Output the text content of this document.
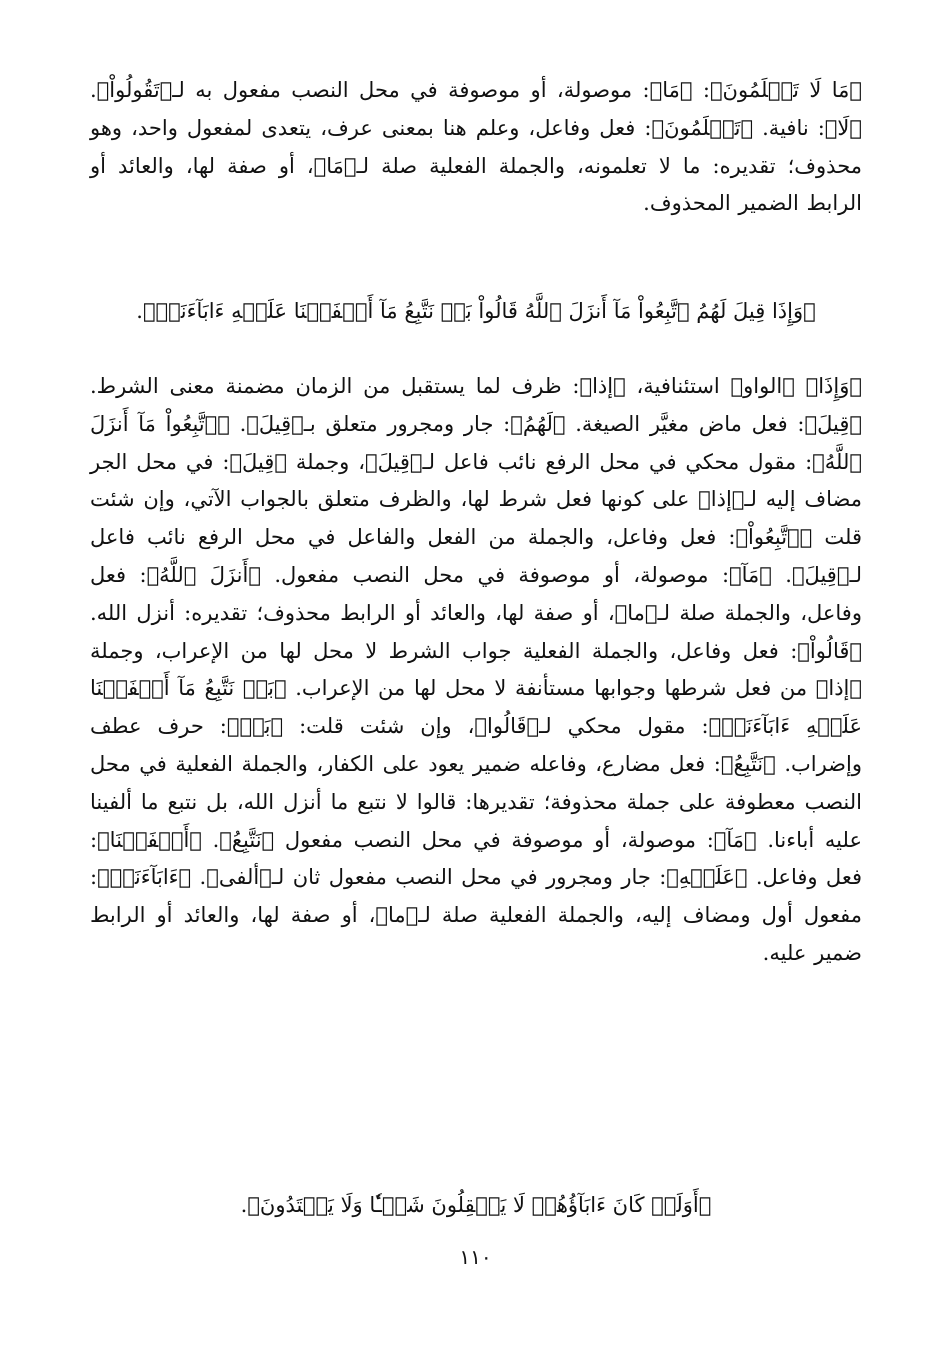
﴿مَا لَا تَعۡلَمُونَ﴾: ﴿مَا﴾: موصولة، أو موصوفة في محل النصب مفعول به لـ﴿تَقُولُواْ﴾. ﴿لَا﴾: نافية. ﴿تَعۡلَمُونَ﴾: فعل وفاعل، وعلم هنا بمعنى عرف، يتعدى لمفعول واحد، وهو محذوف؛ تقديره: ما لا تعلمونه، والجملة الفعلية صلة لـ﴿مَا﴾، أو صفة لها، والعائد أو الرابط الضمير المحذوف.

﴿وَإِذَا قِيلَ لَهُمُ ٱتَّبِعُواْ مَآ أَنزَلَ ٱللَّهُ قَالُواْ بَلۡ نَتَّبِعُ مَآ أَلۡفَيۡنَا عَلَيۡهِ ءَابَآءَنَآۚ﴾.

﴿وَإِذَا﴾ ﴿الواو﴾ استئنافية، ﴿إذا﴾: ظرف لما يستقبل من الزمان مضمنة معنى الشرط. ﴿قِيلَ﴾: فعل ماض مغيَّر الصيغة. ﴿لَهُمُ﴾: جار ومجرور متعلق بـ﴿قِيلَ﴾. ﴿ٱتَّبِعُواْ مَآ أَنزَلَ ٱللَّهُ﴾: مقول محكي في محل الرفع نائب فاعل لـ﴿قِيلَ﴾، وجملة ﴿قِيلَ﴾: في محل الجر مضاف إليه لـ﴿إذا﴾ على كونها فعل شرط لها، والظرف متعلق بالجواب الآتي، وإن شئت قلت ﴿ٱتَّبِعُواْ﴾: فعل وفاعل، والجملة من الفعل والفاعل في محل الرفع نائب فاعل لـ﴿قِيلَ﴾. ﴿مَآ﴾: موصولة، أو موصوفة في محل النصب مفعول. ﴿أَنزَلَ ٱللَّهُ﴾: فعل وفاعل، والجملة صلة لـ﴿ما﴾، أو صفة لها، والعائد أو الرابط محذوف؛ تقديره: أنزل الله. ﴿قَالُواْ﴾: فعل وفاعل، والجملة الفعلية جواب الشرط لا محل لها من الإعراب، وجملة ﴿إذا﴾ من فعل شرطها وجوابها مستأنفة لا محل لها من الإعراب. ﴿بَلۡ نَتَّبِعُ مَآ أَلۡفَيۡنَا عَلَيۡهِ ءَابَآءَنَآۚ﴾: مقول محكي لـ﴿قَالُوا﴾، وإن شئت قلت: ﴿بَلۡ﴾: حرف عطف وإضراب. ﴿نَتَّبِعُ﴾: فعل مضارع، وفاعله ضمير يعود على الكفار، والجملة الفعلية في محل النصب معطوفة على جملة محذوفة؛ تقديرها: قالوا لا نتبع ما أنزل الله، بل نتبع ما ألفينا عليه أباءنا. ﴿مَآ﴾: موصولة، أو موصوفة في محل النصب مفعول ﴿نَتَّبِعُ﴾. ﴿أَلۡفَيۡنَا﴾: فعل وفاعل. ﴿عَلَيۡهِ﴾: جار ومجرور في محل النصب مفعول ثان لـ﴿ألفى﴾. ﴿ءَابَآءَنَآۚ﴾: مفعول أول ومضاف إليه، والجملة الفعلية صلة لـ﴿ما﴾، أو صفة لها، والعائد أو الرابط ضمير عليه.

﴿أَوَلَوۡ كَانَ ءَابَآؤُهُمۡ لَا يَعۡقِلُونَ شَيۡـٔٗا وَلَا يَهۡتَدُونَ﴾.

١١٠
